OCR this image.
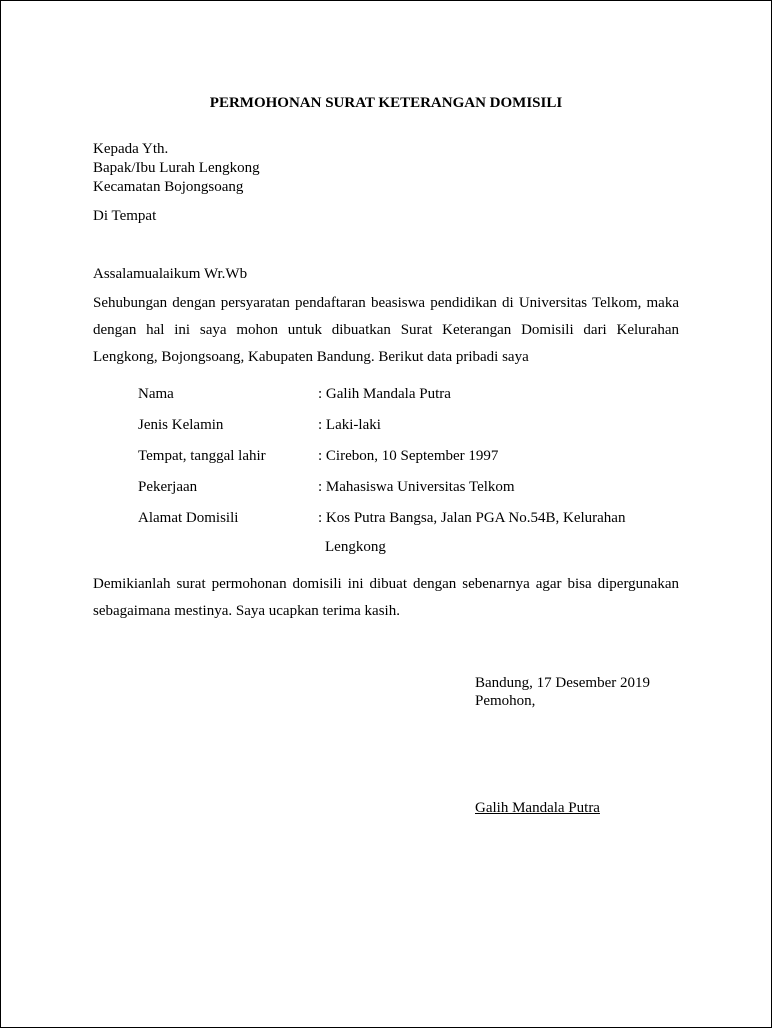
PERMOHONAN SURAT KETERANGAN DOMISILI
Kepada Yth.
Bapak/Ibu Lurah Lengkong
Kecamatan Bojongsoang
Di Tempat
Assalamualaikum Wr.Wb
Sehubungan dengan persyaratan pendaftaran beasiswa pendidikan di Universitas Telkom, maka dengan hal ini saya mohon untuk dibuatkan Surat Keterangan Domisili dari Kelurahan Lengkong, Bojongsoang, Kabupaten Bandung. Berikut data pribadi saya
Nama	: Galih Mandala Putra
Jenis Kelamin	: Laki-laki
Tempat, tanggal lahir	: Cirebon, 10 September 1997
Pekerjaan	: Mahasiswa Universitas Telkom
Alamat Domisili	: Kos Putra Bangsa, Jalan PGA No.54B, Kelurahan
Lengkong
Demikianlah surat permohonan domisili ini dibuat dengan sebenarnya agar bisa dipergunakan sebagaimana mestinya. Saya ucapkan terima kasih.
Bandung, 17 Desember 2019
Pemohon,
Galih Mandala Putra
